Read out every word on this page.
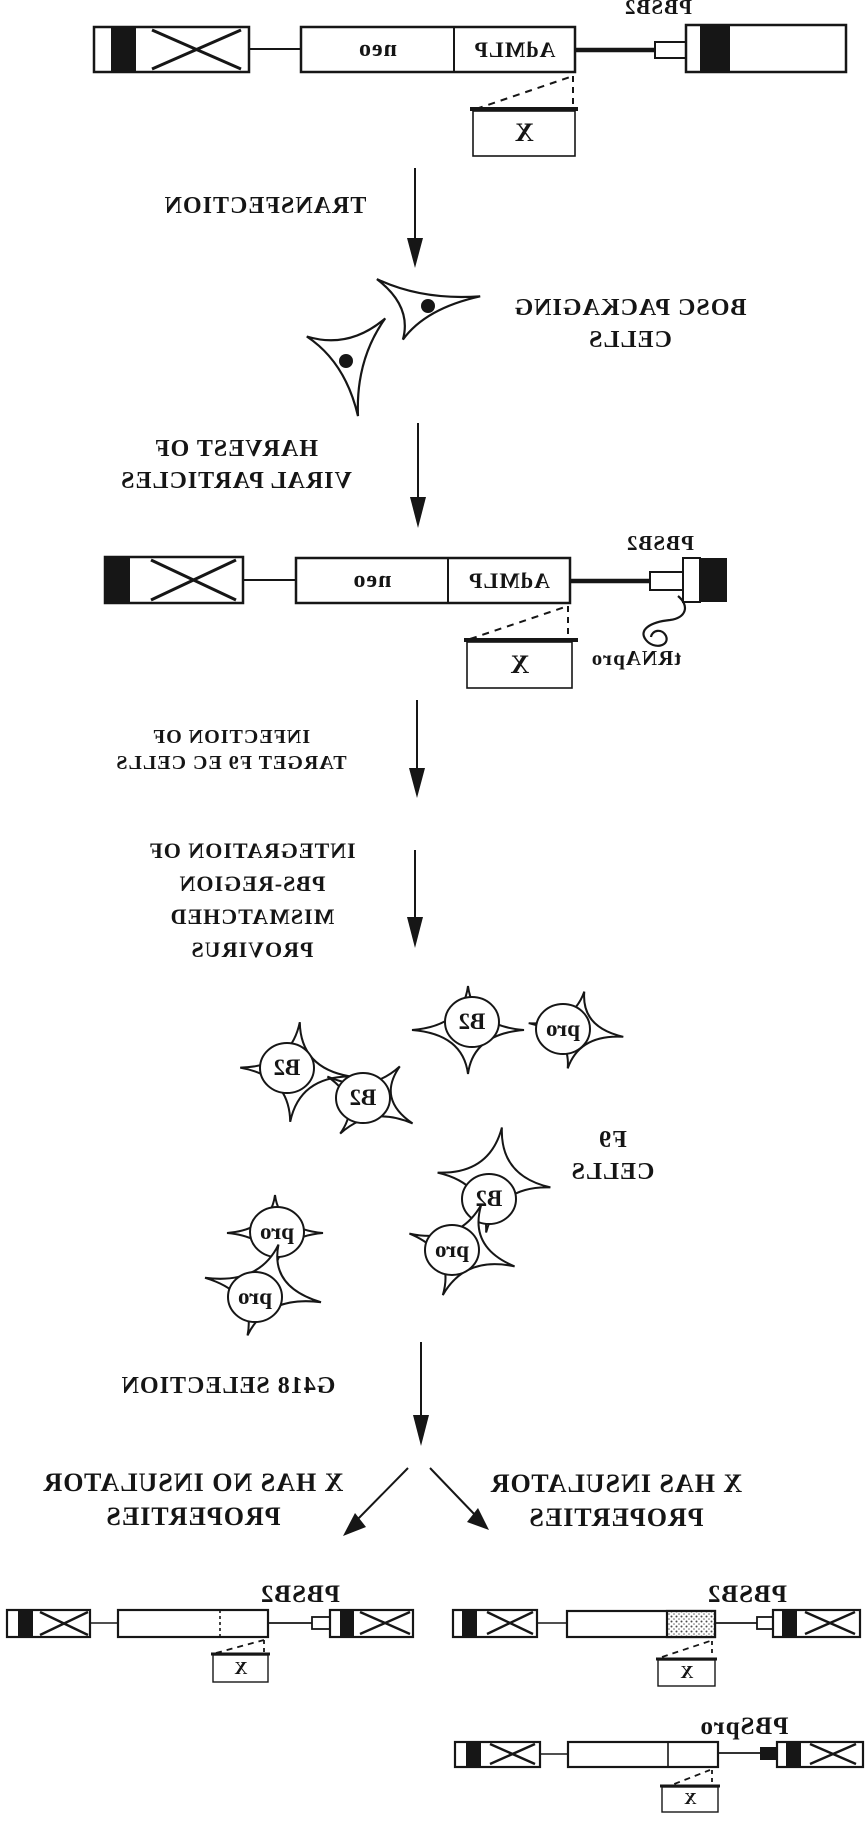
PBSB2
neo	AdMLP
X
TRANSFECTION
BOSC PACKAGING
CELLS
HARVEST OF
VIRAL PARTICLES
PBSB2
neo	AdMLP
tRNApro
X
INFECTION OF
TARGET F9 EC CELLS
INTEGRATION OF
PBS-REGION
MISMATCHED
PROVIRUS
F9
CELLS
G418 SELECTION
X HAS NO INSULATOR
PROPERTIES
X HAS INSULATOR
PROPERTIES
PBSB2
X
PBSB2
X
PBSpro
X
B2	pro
B2
B2
B2
pro
pro
pro
